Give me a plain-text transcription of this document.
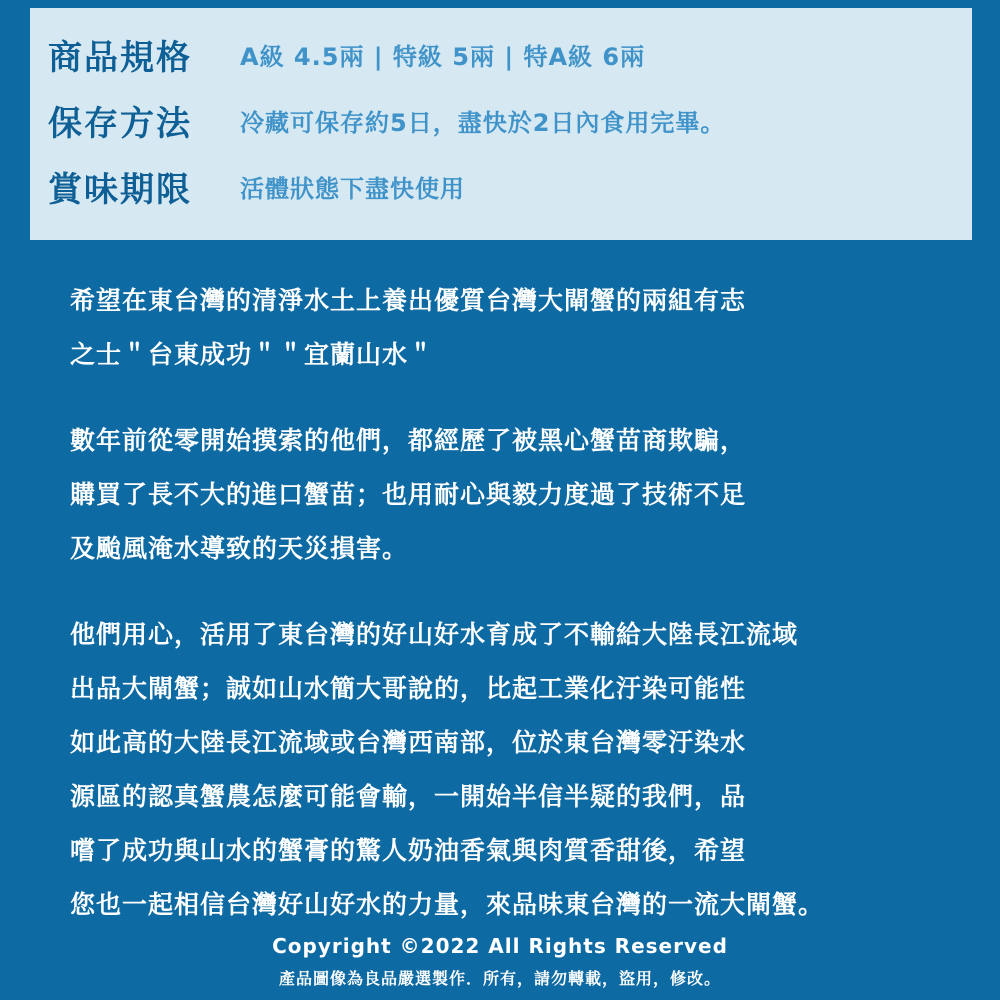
商品規格	A級 4.5兩 | 特級 5兩 | 特A級 6兩
保存方法	冷藏可保存約5日，盡快於2日內食用完畢。
賞味期限	活體狀態下盡快使用
希望在東台灣的清淨水土上養出優質台灣大閘蟹的兩組有志
之士＂台東成功＂＂宜蘭山水＂
數年前從零開始摸索的他們，都經歷了被黑心蟹苗商欺騙，
購買了長不大的進口蟹苗；也用耐心與毅力度過了技術不足
及颱風淹水導致的天災損害。
他們用心，活用了東台灣的好山好水育成了不輸給大陸長江流域
出品大閘蟹；誠如山水簡大哥說的，比起工業化汙染可能性
如此高的大陸長江流域或台灣西南部，位於東台灣零汙染水
源區的認真蟹農怎麼可能會輸，一開始半信半疑的我們，品
嚐了成功與山水的蟹膏的驚人奶油香氣與肉質香甜後，希望
您也一起相信台灣好山好水的力量，來品味東台灣的一流大閘蟹。
Copyright ©2022 All Rights Reserved
產品圖像為良品嚴選製作．所有，請勿轉載，盜用，修改。
